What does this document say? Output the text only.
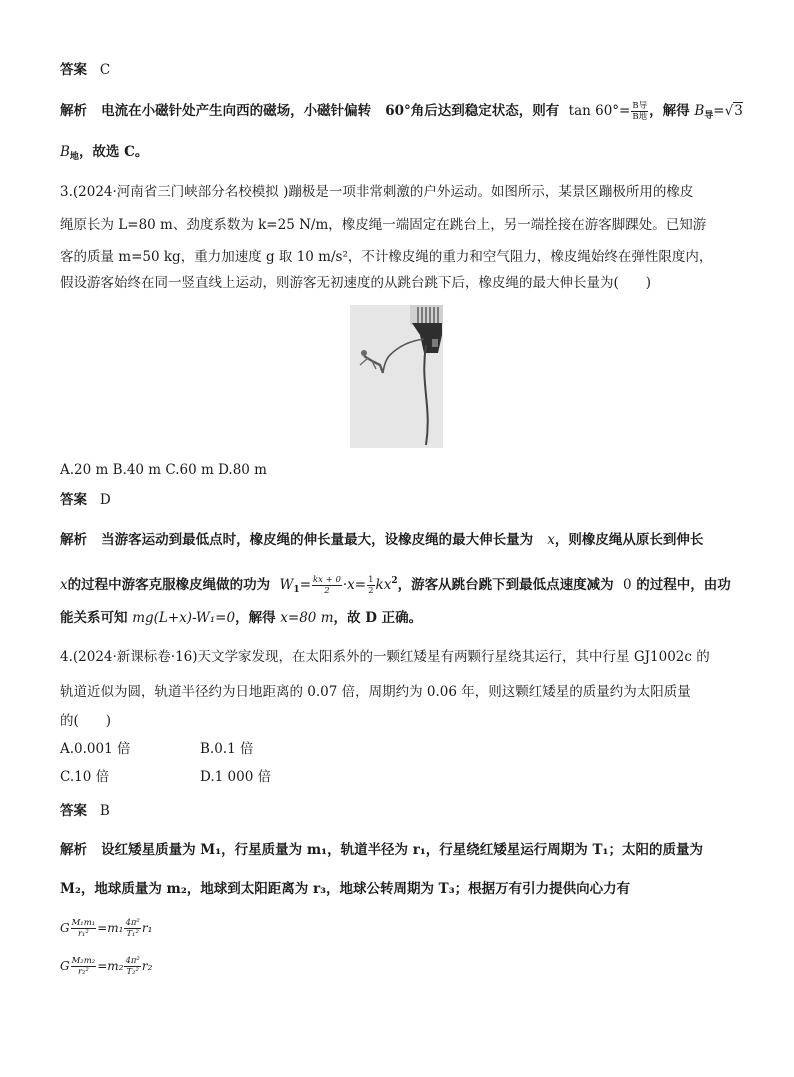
答案 C
解析 电流在小磁针处产生向西的磁场，小磁针偏转 60°角后达到稳定状态，则有 $\tan 60^\circ= \frac{\text{B导}}{\text{B地}}$ ，解得 $B_导=√3$
$B_地$，故选 C。
3.(2024·河南省三门峡部分名校模拟 )蹦极是一项非常刺激的户外运动。如图所示，某景区蹦极所用的橡皮
绳原长为 L=80 m、劲度系数为 k=25 N/m，橡皮绳一端固定在跳台上，另一端拴接在游客脚踝处。已知游
客的质量 m=50 kg，重力加速度 g 取 10 m/s²，不计橡皮绳的重力和空气阻力，橡皮绳始终在弹性限度内，
假设游客始终在同一竖直线上运动，则游客无初速度的从跳台跳下后，橡皮绳的最大伸长量为(　　)
A.20 m B.40 m C.60 m D.80 m
答案 D
解析 当游客运动到最低点时，橡皮绳的伸长量最大，设橡皮绳的最大伸长量为 x，则橡皮绳从原长到伸长
x的过程中游客克服橡皮绳做的功为 $W_1= \frac{kx + 0}{2} \cdot x= \frac{1}{2} kx^2$，游客从跳台跳下到最低点速度减为 0 的过程中，由功
能关系可知 mg(L+x)-W₁=0，解得 x=80 m，故 D 正确。
4.(2024·新课标卷·16)天文学家发现，在太阳系外的一颗红矮星有两颗行星绕其运行，其中行星 GJ1002c 的
轨道近似为圆，轨道半径约为日地距离的 0.07 倍，周期约为 0.06 年，则这颗红矮星的质量约为太阳质量
的(　　)
A.0.001 倍	B.0.1 倍
C.10 倍	D.1 000 倍
答案 B
解析 设红矮星质量为 M₁，行星质量为 m₁，轨道半径为 r₁，行星绕红矮星运行周期为 T₁；太阳的质量为
M₂，地球质量为 m₂，地球到太阳距离为 r₃，地球公转周期为 T₃；根据万有引力提供向心力有
G $\frac{\text{M₁m₁}}{\text{r₁²}} =m_1 \frac{\text{4π²}}{\text{T₁²}} r_1$
G $\frac{\text{M₂m₂}}{\text{r₂²}} =m_2 \frac{\text{4π²}}{\text{T₂²}} r_2$
